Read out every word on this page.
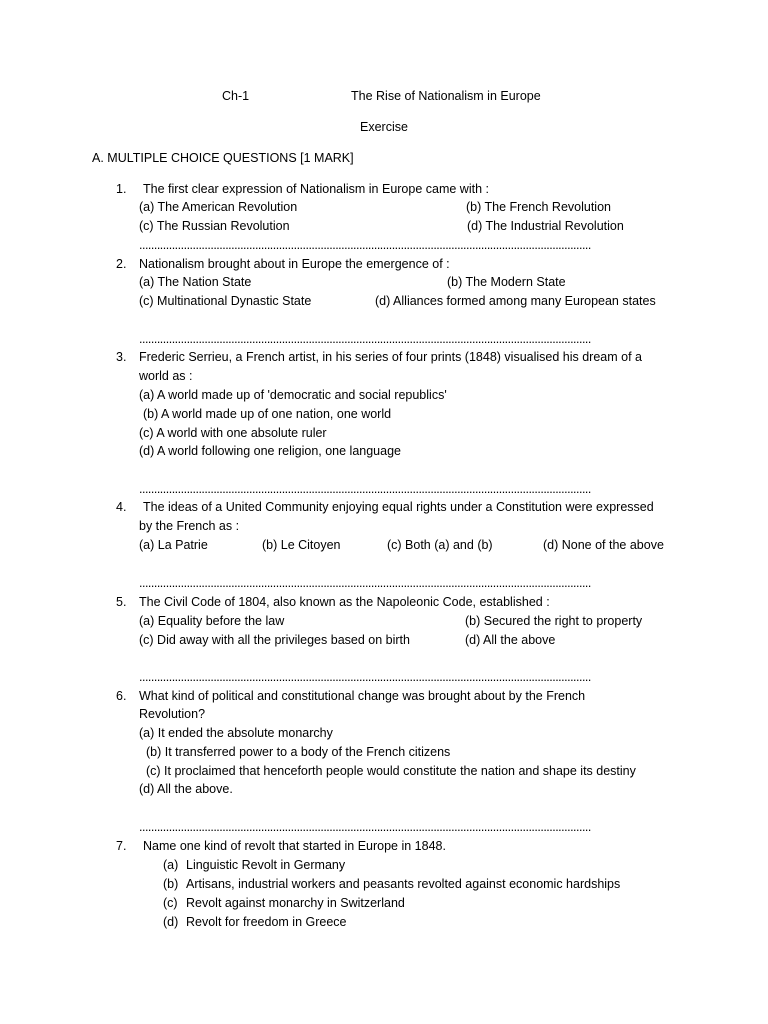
Ch-1	The Rise of Nationalism in Europe
Exercise
A. MULTIPLE CHOICE QUESTIONS [1 MARK]
1. The first clear expression of Nationalism in Europe came with :
(a) The American Revolution	(b) The French Revolution
(c) The Russian Revolution	(d) The Industrial Revolution
........................................................................................................................................................
2. Nationalism brought about in Europe the emergence of :
(a) The Nation State	(b) The Modern State
(c) Multinational Dynastic State	(d) Alliances formed among many European states
........................................................................................................................................................
3. Frederic Serrieu, a French artist, in his series of four prints (1848) visualised his dream of a
world as :
(a) A world made up of 'democratic and social republics'
(b) A world made up of one nation, one world
(c) A world with one absolute ruler
(d) A world following one religion, one language
........................................................................................................................................................
4. The ideas of a United Community enjoying equal rights under a Constitution were expressed
by the French as :
(a) La Patrie	(b) Le Citoyen	(c) Both (a) and (b)	(d) None of the above
........................................................................................................................................................
5. The Civil Code of 1804, also known as the Napoleonic Code, established :
(a) Equality before the law	(b) Secured the right to property
(c) Did away with all the privileges based on birth	(d) All the above
........................................................................................................................................................
6. What kind of political and constitutional change was brought about by the French
Revolution?
(a) It ended the absolute monarchy
(b) It transferred power to a body of the French citizens
(c) It proclaimed that henceforth people would constitute the nation and shape its destiny
(d) All the above.
........................................................................................................................................................
7. Name one kind of revolt that started in Europe in 1848.
(a) Linguistic Revolt in Germany
(b) Artisans, industrial workers and peasants revolted against economic hardships
(c) Revolt against monarchy in Switzerland
(d) Revolt for freedom in Greece
